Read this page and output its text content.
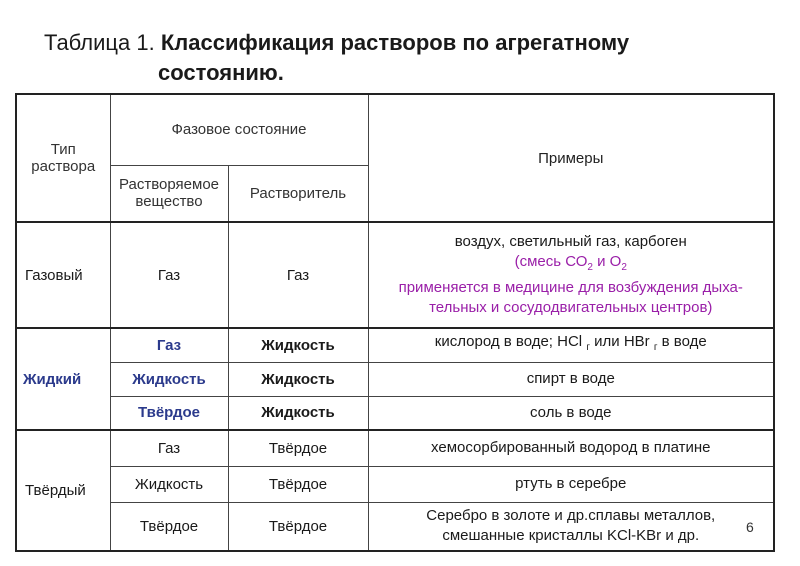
Таблица 1. Классификация растворов по агрегатному
состоянию.
Тип
раствора	Фазовое состояние		Примеры

	Растворяемое
вещество	Растворитель	
Газовый	Газ	Газ	воздух, светильный газ, карбоген
(смесь $СО_2$ и $О_2$
применяется в медицине для возбуждения дыха-
тельных и сосудодвигательных центров)

Жидкий	Газ	Жидкость	кислород в воде; HCl $_г$ или HBr $_г$ в воде
	Жидкость	Жидкость	спирт в воде
	Твёрдое	Жидкость	соль в воде
Твёрдый	Газ	Твёрдое	хемосорбированный водород в платине
	Жидкость	Твёрдое	ртуть в серебре
	Твёрдое	Твёрдое	Серебро в золоте и др.сплавы металлов,
смешанные кристаллы KCl-KBr и др.
6
